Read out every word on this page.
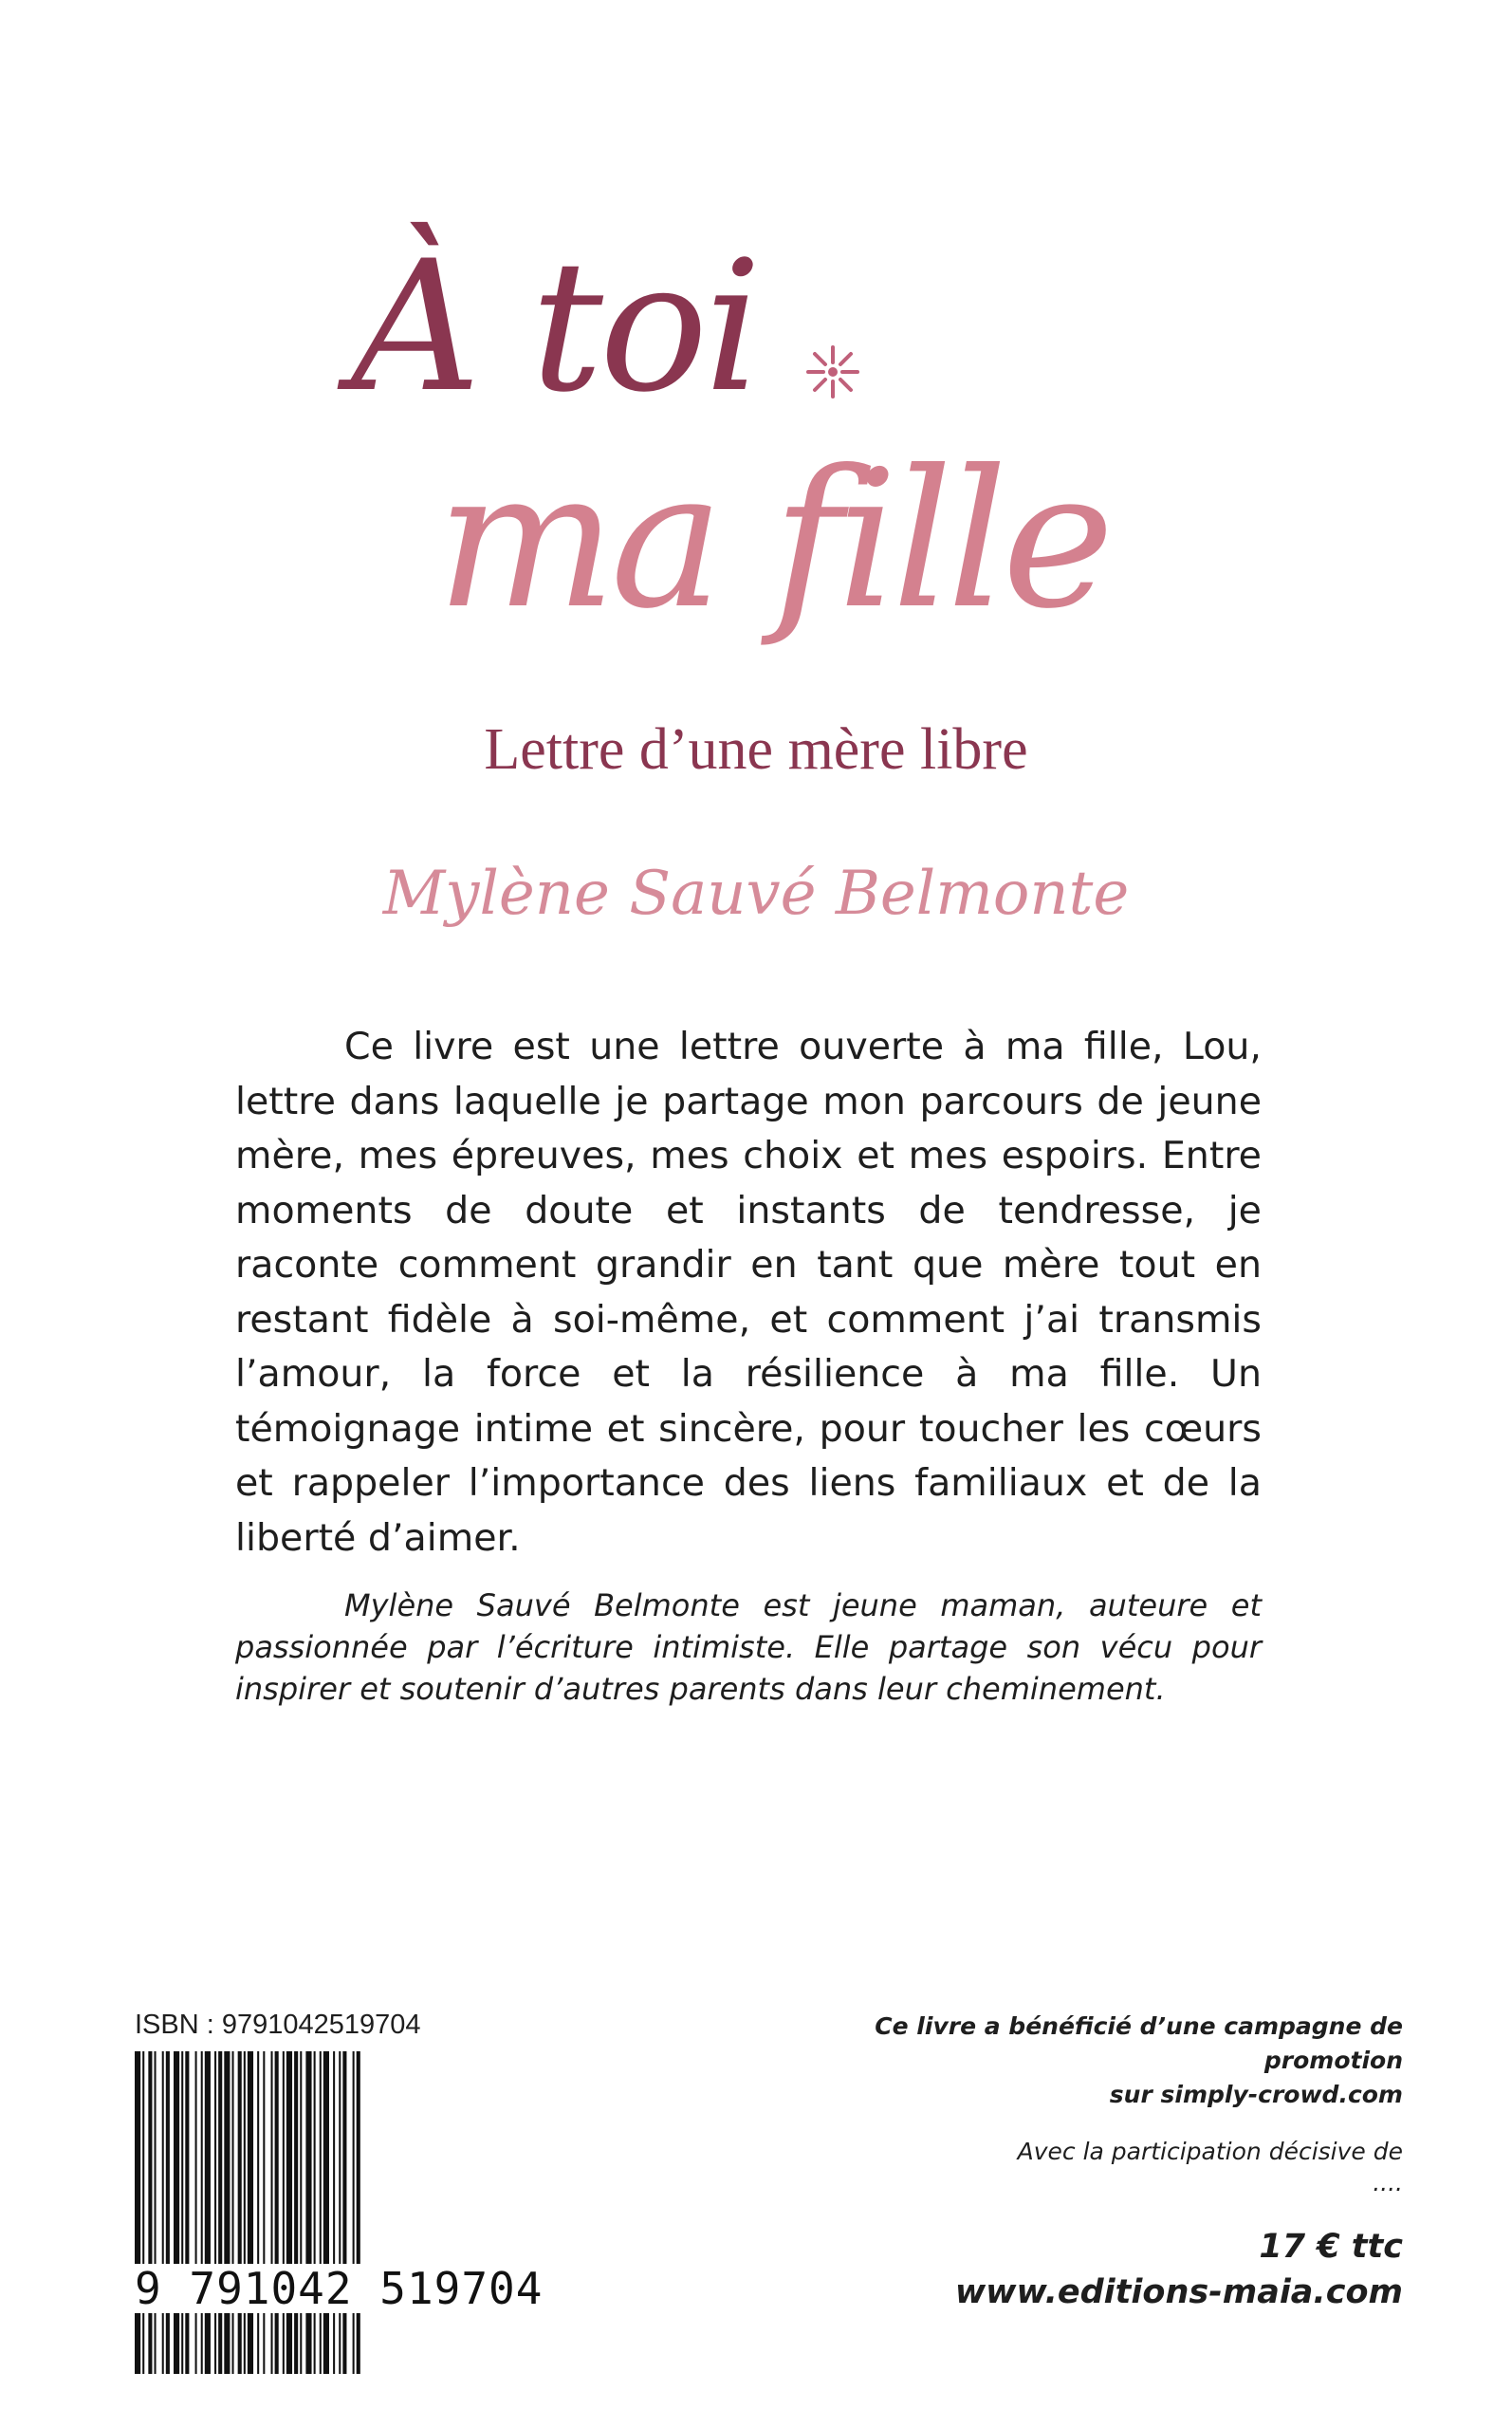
À toi
ma fille
Lettre d’une mère libre
Mylène Sauvé Belmonte

Ce livre est une lettre ouverte à ma fille, Lou, lettre dans laquelle je partage mon parcours de jeune mère, mes épreuves, mes choix et mes espoirs. Entre moments de doute et instants de tendresse, je raconte comment grandir en tant que mère tout en restant fidèle à soi-même, et comment j’ai transmis l’amour, la force et la résilience à ma fille. Un témoignage intime et sincère, pour toucher les cœurs et rappeler l’importance des liens familiaux et de la liberté d’aimer.

Mylène Sauvé Belmonte est jeune maman, auteure et passionnée par l’écriture intimiste. Elle partage son vécu pour inspirer et soutenir d’autres parents dans leur cheminement.

ISBN : 9791042519704
9 791042 519704
Ce livre a bénéficié d’une campagne de promotion
sur simply-crowd.com
Avec la participation décisive de
....
17 € ttc
www.editions-maia.com
